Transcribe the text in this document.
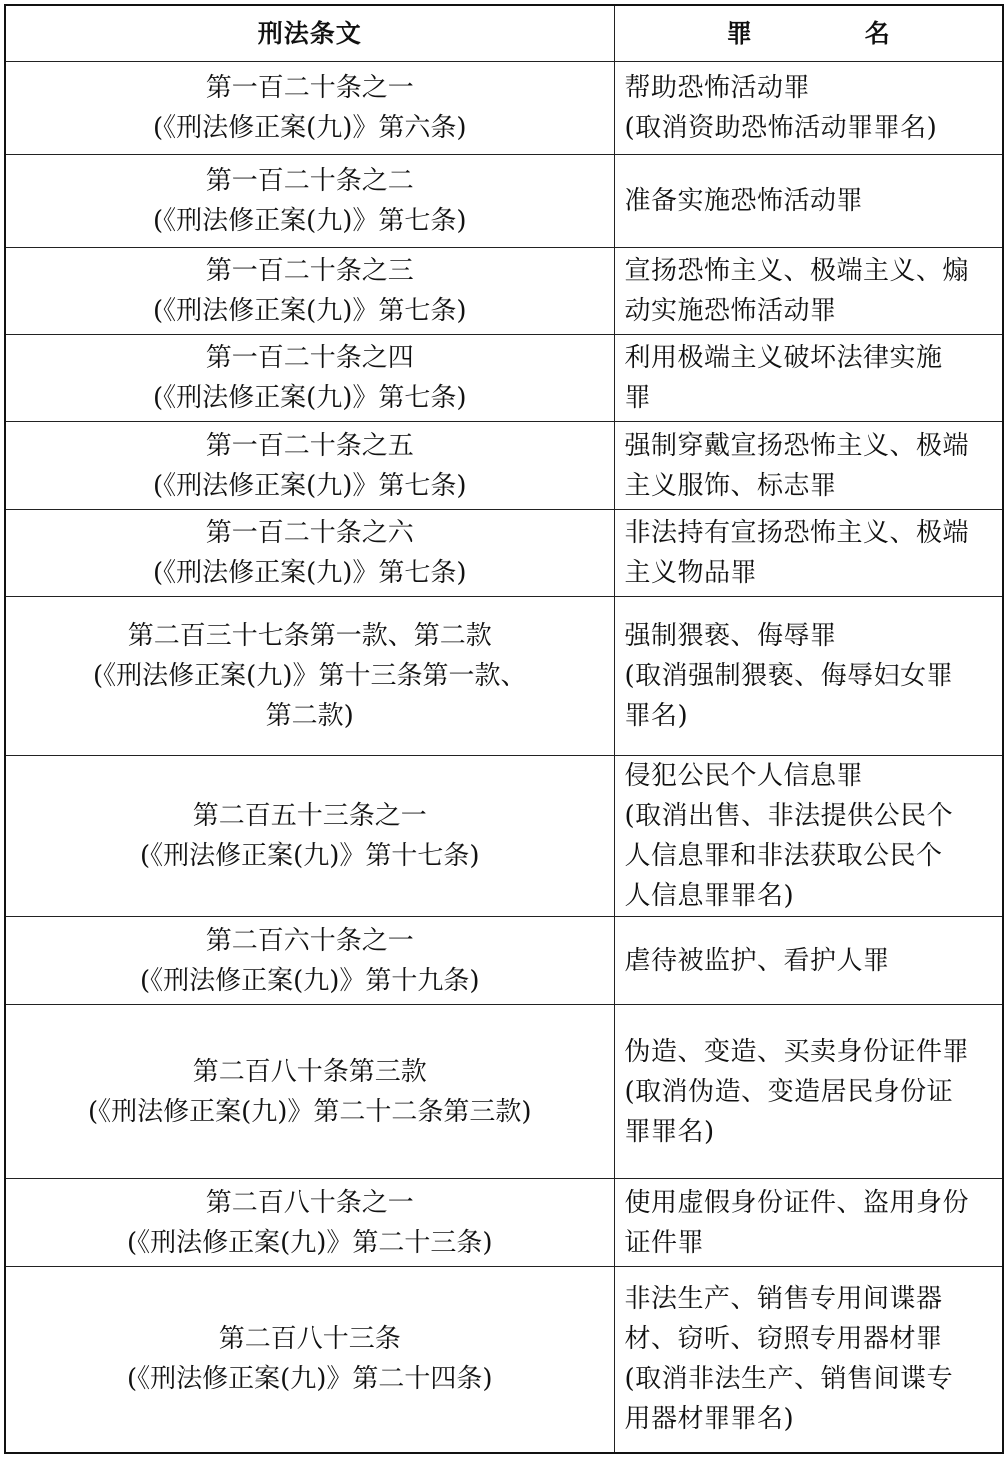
刑法条文	罪　名

第一百二十条之一
(《刑法修正案(九)》第六条)	帮助恐怖活动罪
(取消资助恐怖活动罪罪名)

第一百二十条之二
(《刑法修正案(九)》第七条)	准备实施恐怖活动罪

第一百二十条之三
(《刑法修正案(九)》第七条)	宣扬恐怖主义、极端主义、煽
动实施恐怖活动罪

第一百二十条之四
(《刑法修正案(九)》第七条)	利用极端主义破坏法律实施
罪

第一百二十条之五
(《刑法修正案(九)》第七条)	强制穿戴宣扬恐怖主义、极端
主义服饰、标志罪

第一百二十条之六
(《刑法修正案(九)》第七条)	非法持有宣扬恐怖主义、极端
主义物品罪

第二百三十七条第一款、第二款
(《刑法修正案(九)》第十三条第一款、
第二款)	强制猥亵、侮辱罪
(取消强制猥亵、侮辱妇女罪
罪名)

第二百五十三条之一
(《刑法修正案(九)》第十七条)	侵犯公民个人信息罪
(取消出售、非法提供公民个
人信息罪和非法获取公民个
人信息罪罪名)

第二百六十条之一
(《刑法修正案(九)》第十九条)	虐待被监护、看护人罪

第二百八十条第三款
(《刑法修正案(九)》第二十二条第三款)	伪造、变造、买卖身份证件罪
(取消伪造、变造居民身份证
罪罪名)

第二百八十条之一
(《刑法修正案(九)》第二十三条)	使用虚假身份证件、盗用身份
证件罪

第二百八十三条
(《刑法修正案(九)》第二十四条)	非法生产、销售专用间谍器
材、窃听、窃照专用器材罪
(取消非法生产、销售间谍专
用器材罪罪名)
